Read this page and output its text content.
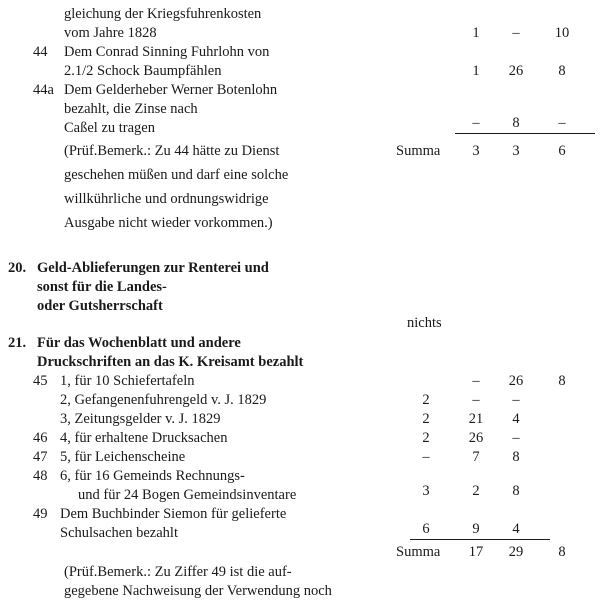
gleichung der Kriegsfuhrenkosten
vom Jahre 1828	1	–	10
44 Dem Conrad Sinning Fuhrlohn von
2.1/2 Schock Baumpfählen	1	26	8
44a Dem Gelderheber Werner Botenlohn
bezahlt, die Zinse nach
Caßel zu tragen	–	8	–
(Prüf.Bemerk.: Zu 44 hätte zu Dienst	Summa	3	3	6
geschehen müßen und darf eine solche
willkührliche und ordnungswidrige
Ausgabe nicht wieder vorkommen.)
20. Geld-Ablieferungen zur Renterei und
sonst für die Landes-
oder Gutsherrschaft
nichts
21. Für das Wochenblatt und andere
Druckschriften an das K. Kreisamt bezahlt
45 1, für 10 Schiefertafeln	–	26	8
2, Gefangenenfuhrengeld v. J. 1829	2	–	–
3, Zeitungsgelder v. J. 1829	2	21	4
46 4, für erhaltene Drucksachen	2	26	–
47 5, für Leichenscheine	–	7	8
48 6, für 16 Gemeinds Rechnungs-
und für 24 Bogen Gemeindsinventare	3	2	8
49 Dem Buchbinder Siemon für gelieferte
Schulsachen bezahlt	6	9	4
Summa	17	29	8
(Prüf.Bemerk.: Zu Ziffer 49 ist die auf-
gegebene Nachweisung der Verwendung noch
